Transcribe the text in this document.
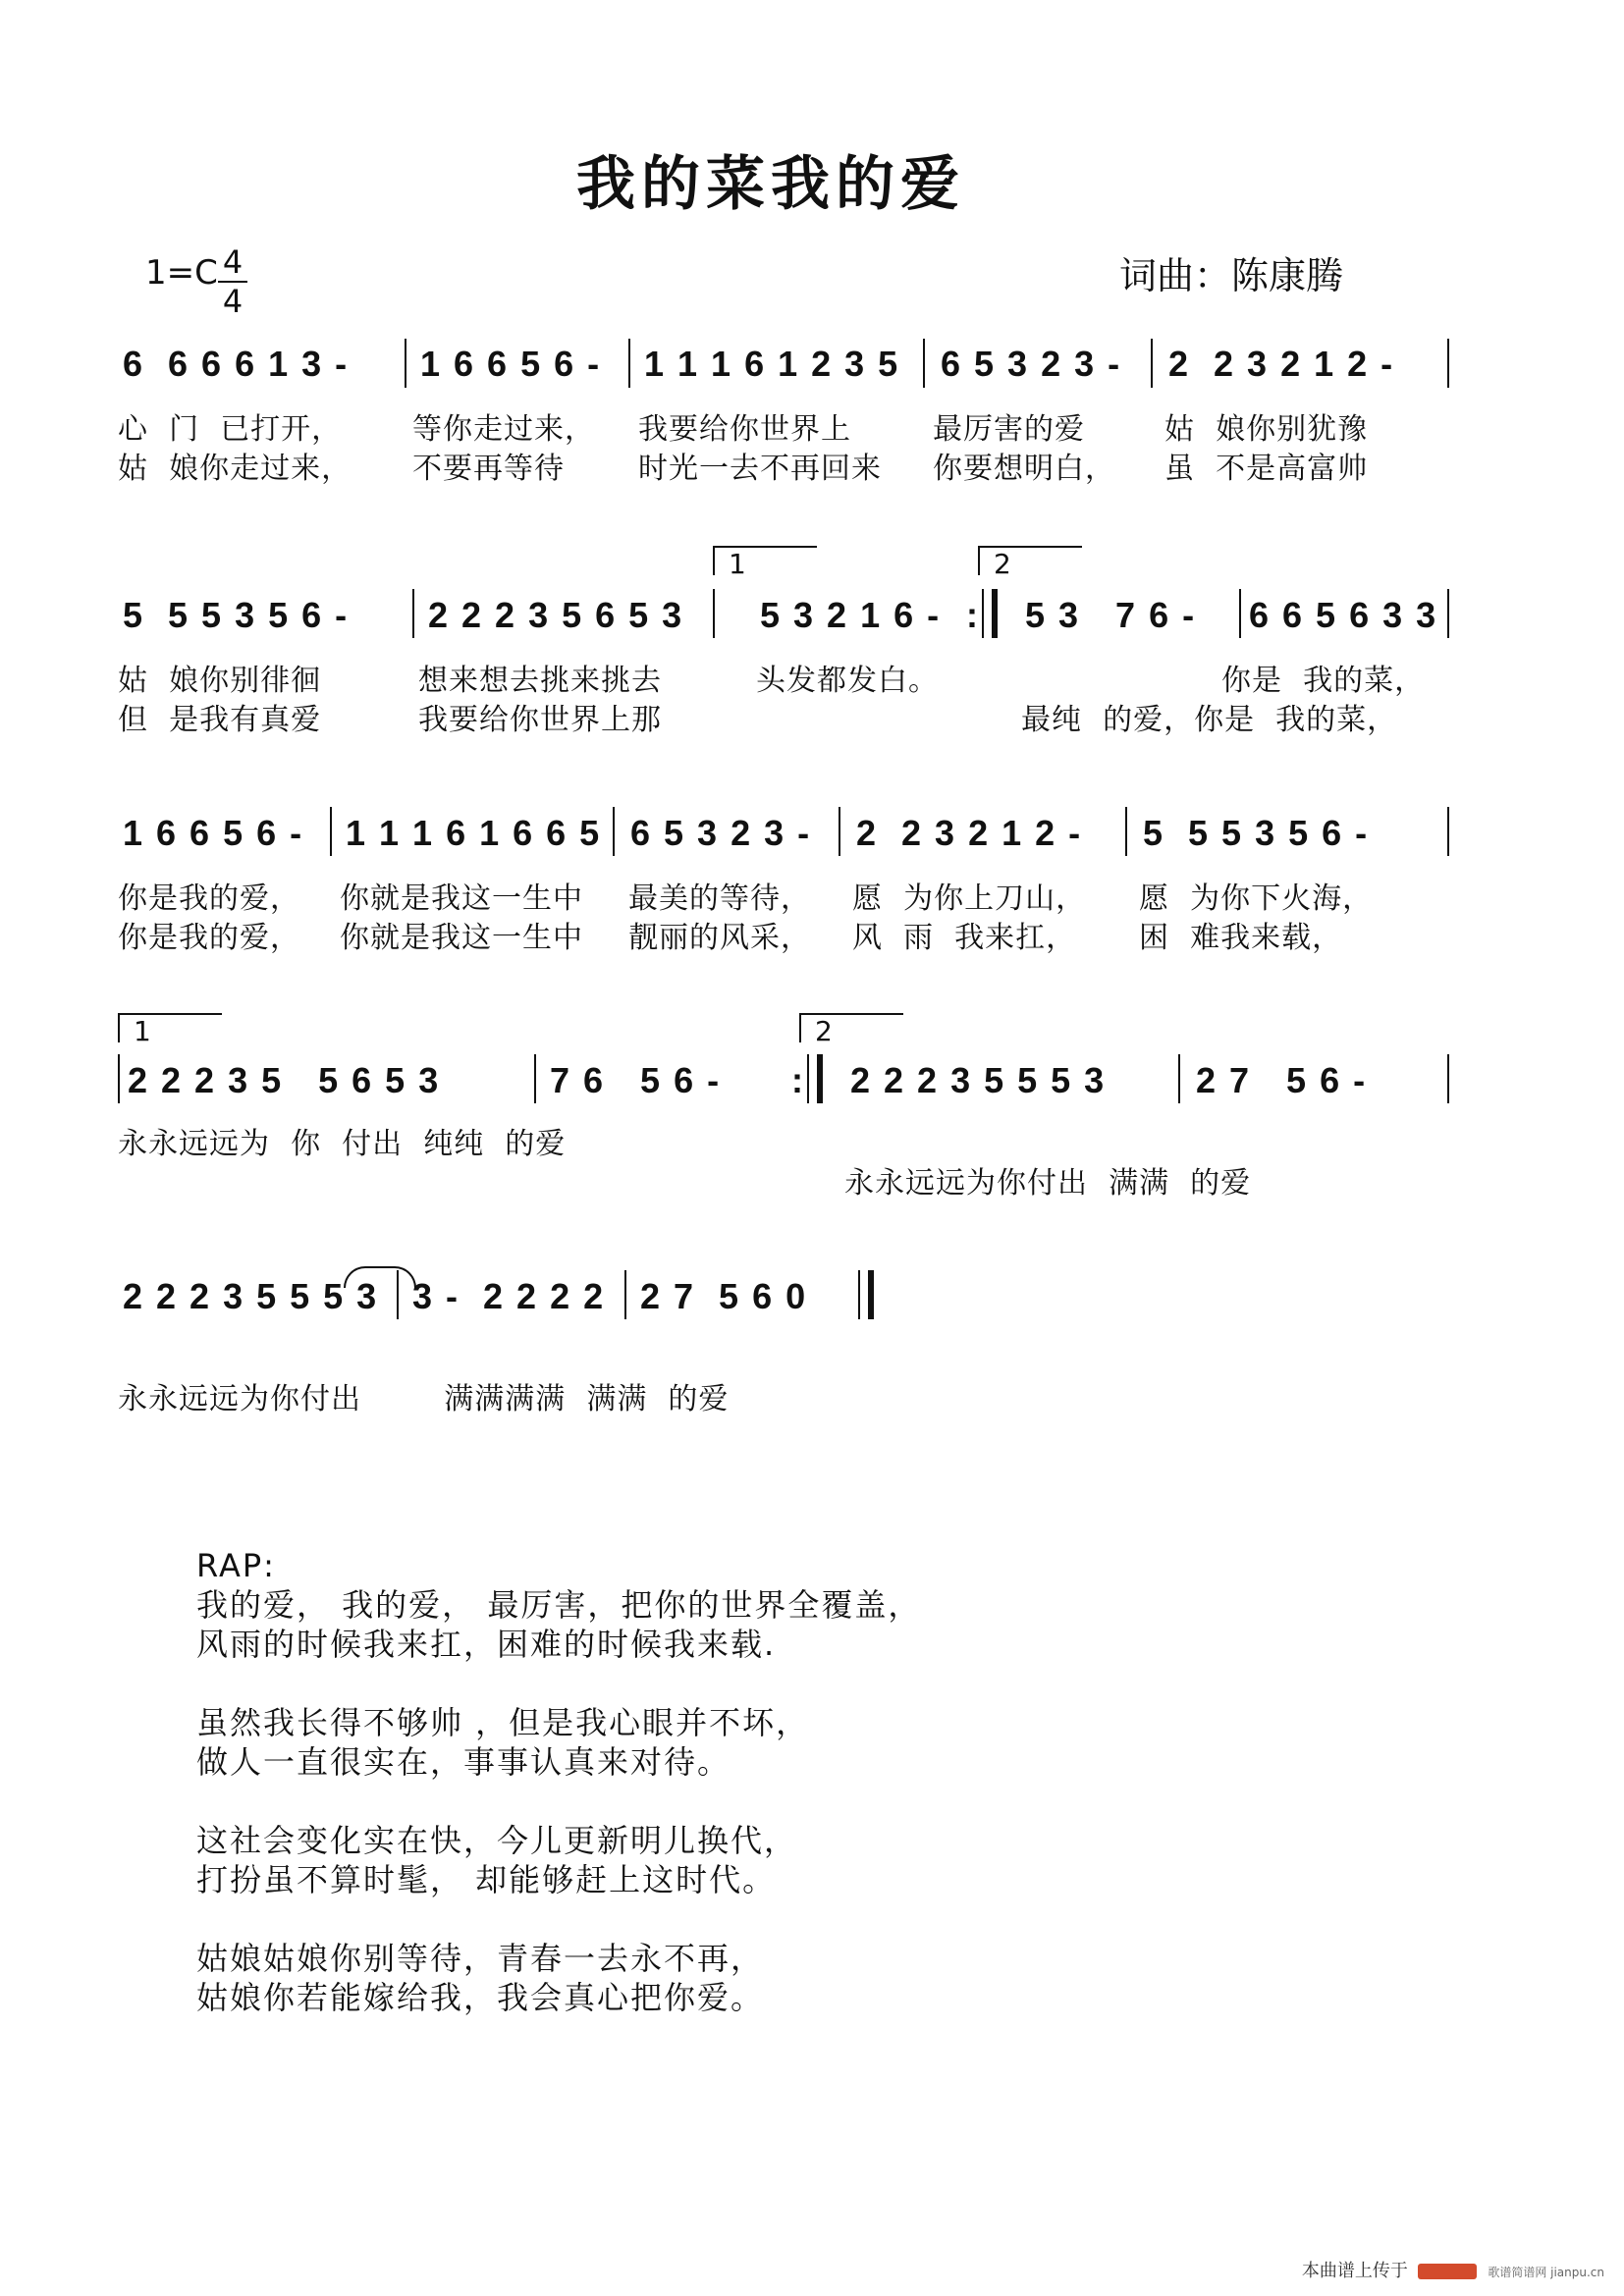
我的菜我的爱
1=C 4
4
词曲：陈康腾
6  6 6 6 1 3 - 1 6 6 5 6 - 1 1 1 6 1 2 3 5 6 5 3 2 3 - 2  2 3 2 1 2 -
心  门  已打开， 等你走过来， 我要给你世界上	最厉害的爱	姑  娘你别犹豫
姑  娘你走过来， 不要再等待	时光一去不再回来 你要想明白， 虽  不是高富帅
1	2
5  5 5 3 5 6 - 2 2 2 3 5 6 5 3 5 3 2 1 6 - : 5 3   7 6 - 6 6 5 6 3 3
姑  娘你别徘徊	想来想去挑来挑去	头发都发白。	你是  我的菜，
但  是我有真爱	我要给你世界上那	最纯  的爱，你是  我的菜，
1 6 6 5 6 - 1 1 1 6 1 6 6 5 6 5 3 2 3 - 2  2 3 2 1 2 - 5  5 5 3 5 6 -
你是我的爱， 你就是我这一生中 最美的等待， 愿  为你上刀山， 愿  为你下火海，
你是我的爱， 你就是我这一生中 靓丽的风采， 风  雨  我来扛， 困  难我来载，
1	2
2 2 2 3 5   5 6 5 3	7 6   5 6 - : 2 2 2 3 5 5 5 3	2 7   5 6 -
永永远远为  你  付出  纯纯  的爱
永永远远为你付出  满满  的爱
2 2 2 3 5 5 5 3 3 -  2 2 2 2 2 7  5 6 0
永永远远为你付出        满满满满  满满  的爱

RAP:
我的爱， 我的爱， 最厉害，把你的世界全覆盖，
风雨的时候我来扛，困难的时候我来载.

虽然我长得不够帅 ，但是我心眼并不坏，
做人一直很实在，事事认真来对待。

这社会变化实在快，今儿更新明儿换代，
打扮虽不算时髦， 却能够赶上这时代。

姑娘姑娘你别等待，青春一去永不再，
姑娘你若能嫁给我，我会真心把你爱。

本曲谱上传于	歌谱简谱网 jianpu.cn
